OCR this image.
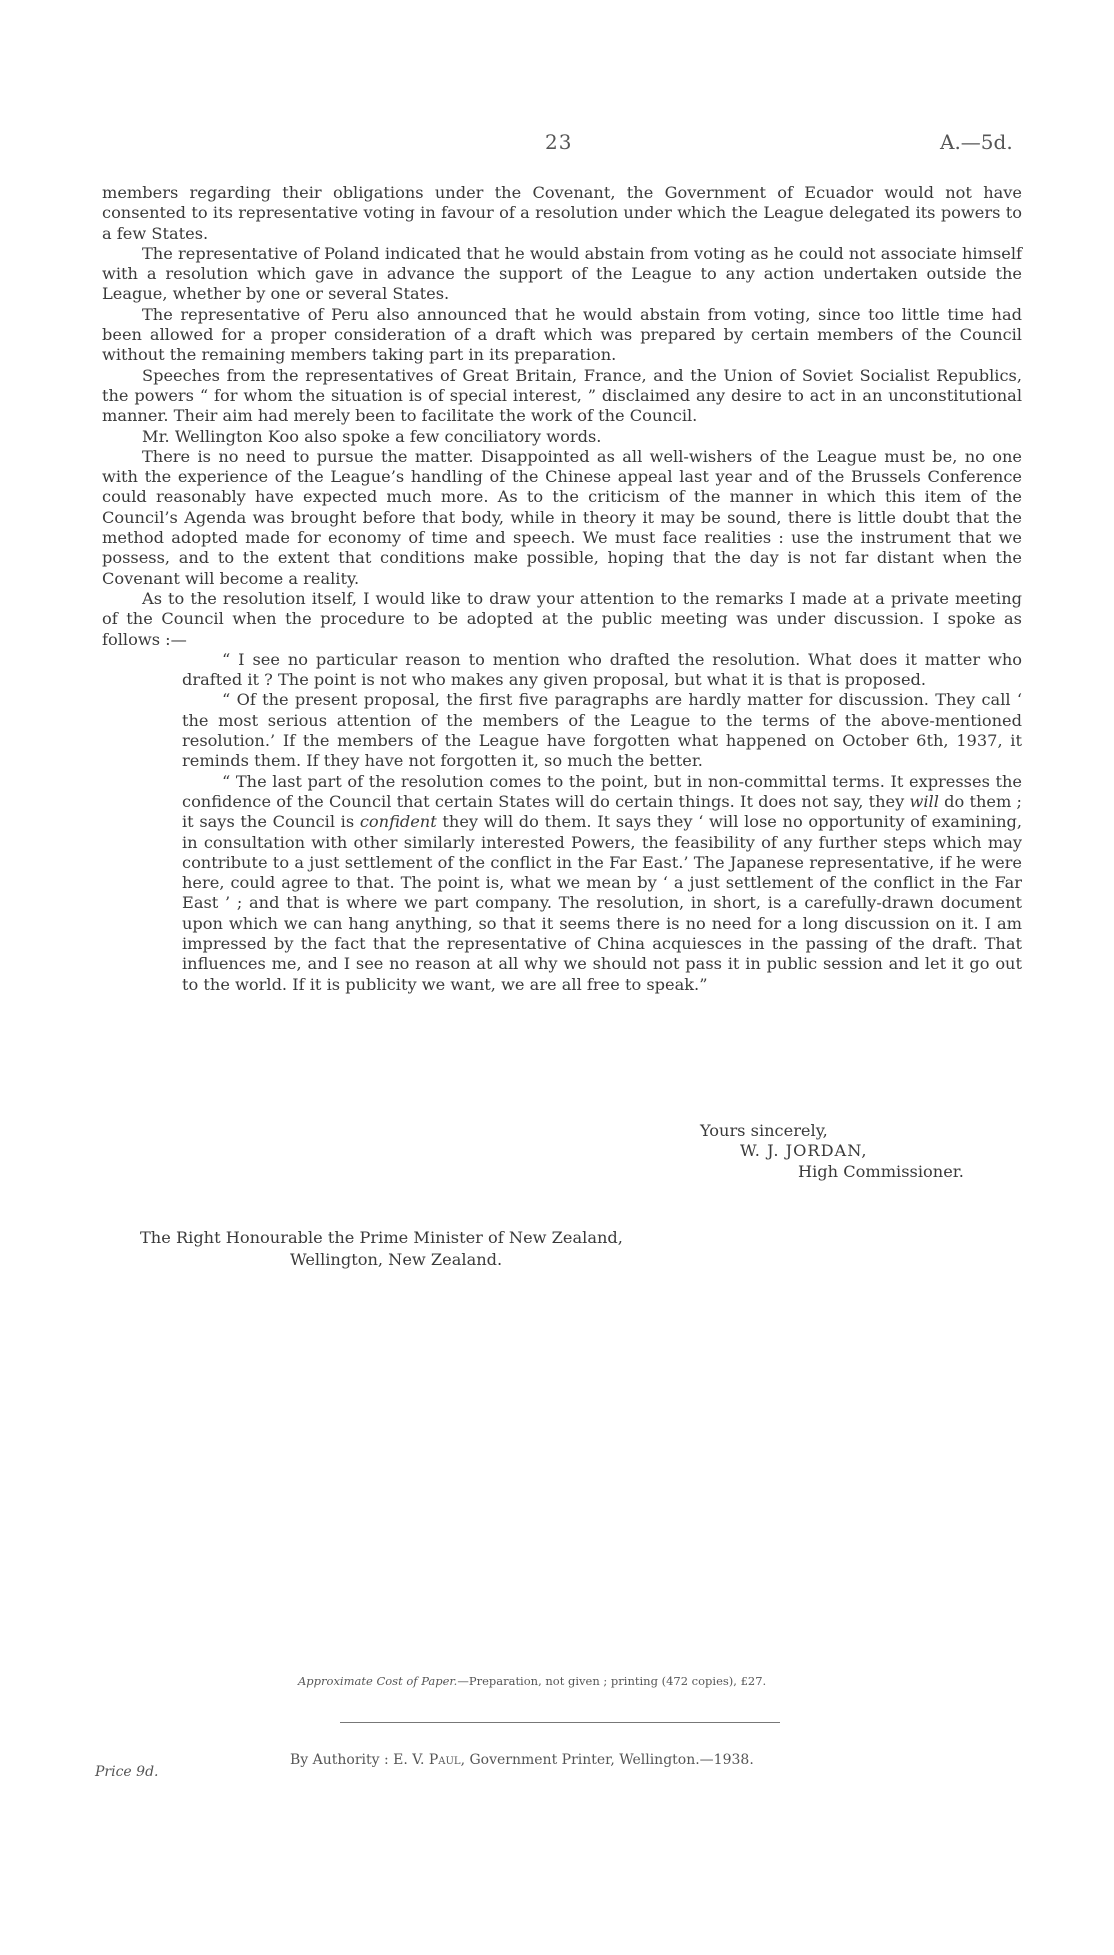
23	A.—5d.

members regarding their obligations under the Covenant, the Government of Ecuador would not have consented to its representative voting in favour of a resolution under which the League delegated its powers to a few States.

The representative of Poland indicated that he would abstain from voting as he could not associate himself with a resolution which gave in advance the support of the League to any action undertaken outside the League, whether by one or several States.

The representative of Peru also announced that he would abstain from voting, since too little time had been allowed for a proper consideration of a draft which was prepared by certain members of the Council without the remaining members taking part in its preparation.

Speeches from the representatives of Great Britain, France, and the Union of Soviet Socialist Republics, the powers “ for whom the situation is of special interest, ” disclaimed any desire to act in an unconstitutional manner. Their aim had merely been to facilitate the work of the Council.

Mr. Wellington Koo also spoke a few conciliatory words.

There is no need to pursue the matter. Disappointed as all well-wishers of the League must be, no one with the experience of the League’s handling of the Chinese appeal last year and of the Brussels Conference could reasonably have expected much more. As to the criticism of the manner in which this item of the Council’s Agenda was brought before that body, while in theory it may be sound, there is little doubt that the method adopted made for economy of time and speech. We must face realities : use the instrument that we possess, and to the extent that conditions make possible, hoping that the day is not far distant when the Covenant will become a reality.

As to the resolution itself, I would like to draw your attention to the remarks I made at a private meeting of the Council when the procedure to be adopted at the public meeting was under discussion. I spoke as follows :—

“ I see no particular reason to mention who drafted the resolution. What does it matter who drafted it ? The point is not who makes any given proposal, but what it is that is proposed.

“ Of the present proposal, the first five paragraphs are hardly matter for discussion. They call ‘ the most serious attention of the members of the League to the terms of the above-mentioned resolution.’ If the members of the League have forgotten what happened on October 6th, 1937, it reminds them. If they have not forgotten it, so much the better.

“ The last part of the resolution comes to the point, but in non-committal terms. It expresses the confidence of the Council that certain States will do certain things. It does not say, they will do them ; it says the Council is confident they will do them. It says they ‘ will lose no opportunity of examining, in consultation with other similarly interested Powers, the feasibility of any further steps which may contribute to a just settlement of the conflict in the Far East.’ The Japanese representative, if he were here, could agree to that. The point is, what we mean by ‘ a just settlement of the conflict in the Far East ’ ; and that is where we part company. The resolution, in short, is a carefully-drawn document upon which we can hang anything, so that it seems there is no need for a long discussion on it. I am impressed by the fact that the representative of China acquiesces in the passing of the draft. That influences me, and I see no reason at all why we should not pass it in public session and let it go out to the world. If it is publicity we want, we are all free to speak.”

Yours sincerely,
W. J. JORDAN,
High Commissioner.
The Right Honourable the Prime Minister of New Zealand,
Wellington, New Zealand.
Approximate Cost of Paper.—Preparation, not given ; printing (472 copies), £27.
Price 9d.
By Authority : E. V. Paul, Government Printer, Wellington.—1938.
